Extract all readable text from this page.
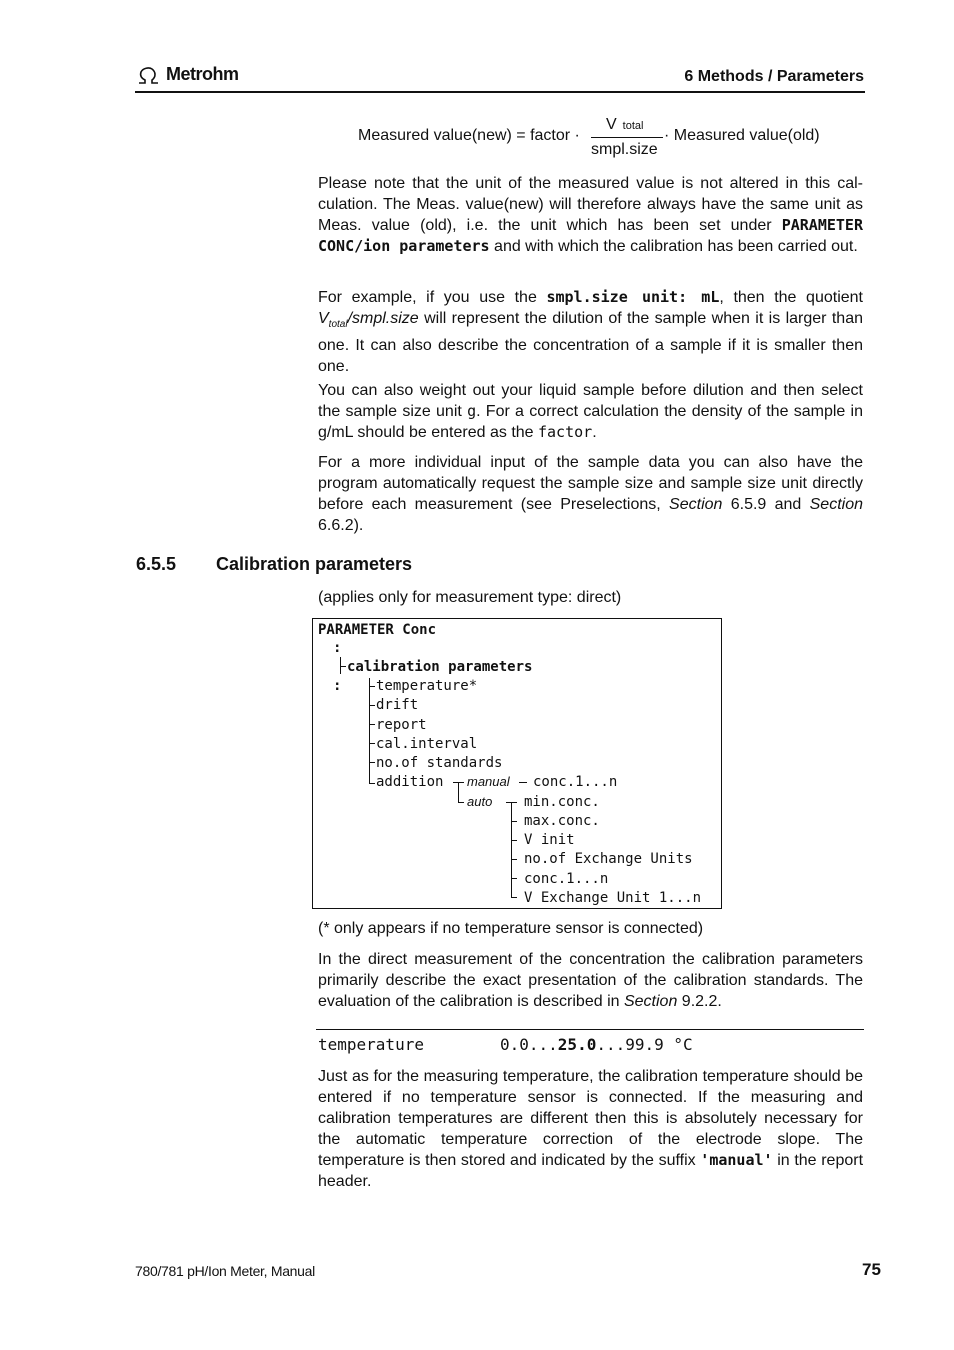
Metrohm	6 Methods / Parameters
Measured value(new) = factor ·
V total
smpl.size
· Measured value(old)
Please note that the unit of the measured value is not altered in this calculation. The Meas. value(new) will therefore always have the same unit as Meas. value (old), i.e. the unit which has been set under PARAMETER CONC/ion parameters and with which the calibration has been carried out.
For example, if you use the smpl.size unit: mL, then the quotient $V_{total}/smpl.size$ will represent the dilution of the sample when it is larger than one. It can also describe the concentration of a sample if it is smaller then one.
You can also weight out your liquid sample before dilution and then select the sample size unit g. For a correct calculation the density of the sample in g/mL should be entered as the factor.
For a more individual input of the sample data you can also have the program automatically request the sample size and sample size unit directly before each measurement (see Preselections, Section 6.5.9 and Section 6.6.2).
6.5.5 Calibration parameters
(applies only for measurement type: direct)
PARAMETER Conc
:
calibration parameters
: temperature*
drift
report
cal.interval
no.of standards
addition manual
auto
conc.1...n
min.conc.
max.conc.
V init
no.of Exchange Units
conc.1...n
V Exchange Unit 1...n
(* only appears if no temperature sensor is connected)
In the direct measurement of the concentration the calibration parameters primarily describe the exact presentation of the calibration standards. The evaluation of the calibration is described in Section 9.2.2.
temperature	0.0...25.0...99.9 °C
Just as for the measuring temperature, the calibration temperature should be entered if no temperature sensor is connected. If the measuring and calibration temperatures are different then this is absolutely necessary for the automatic temperature correction of the electrode slope. The temperature is then stored and indicated by the suffix 'manual' in the report header.
780/781 pH/Ion Meter, Manual	75
